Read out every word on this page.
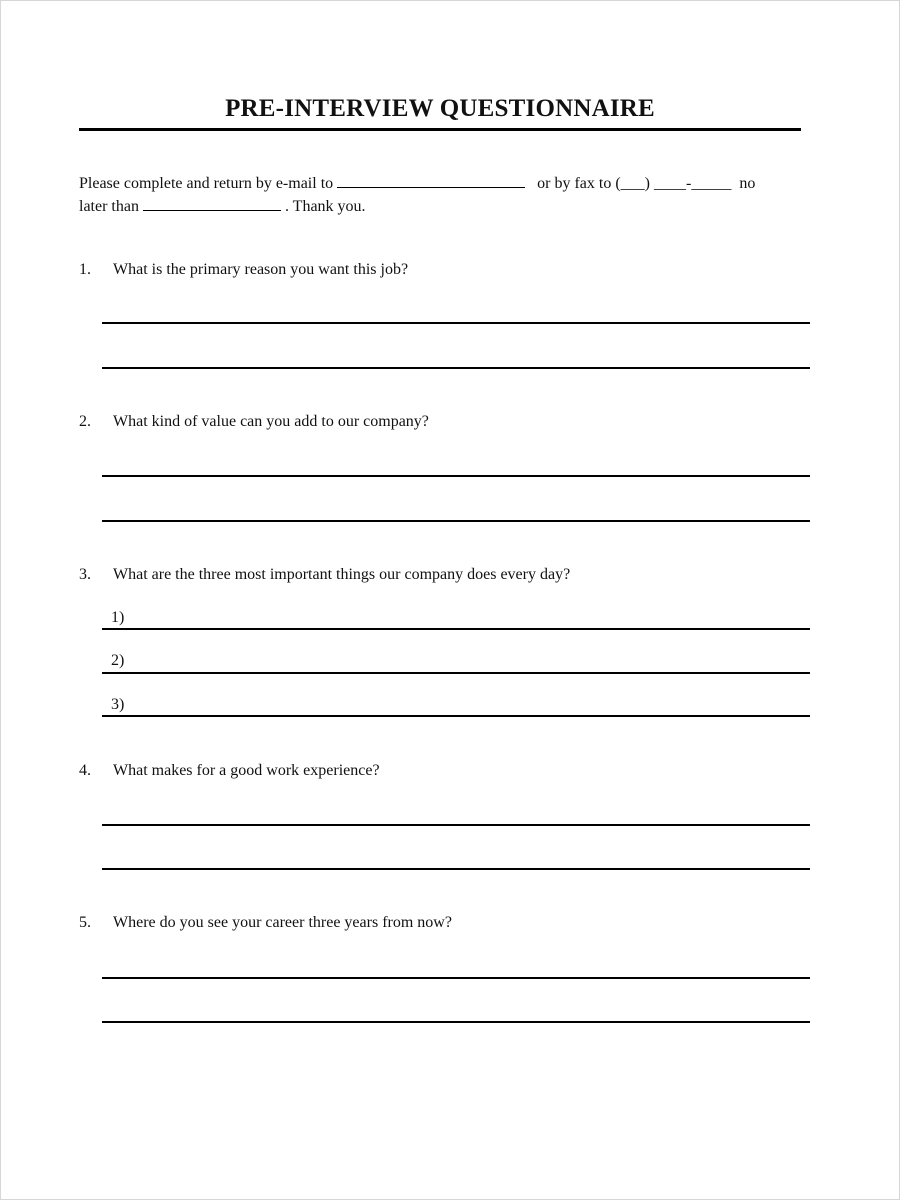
PRE-INTERVIEW QUESTIONNAIRE
Please complete and return by e-mail to	or by fax to (___) ____-_____ no
later than	. Thank you.
1. What is the primary reason you want this job?
2. What kind of value can you add to our company?
3. What are the three most important things our company does every day?
1)
2)
3)
4. What makes for a good work experience?
5. Where do you see your career three years from now?
